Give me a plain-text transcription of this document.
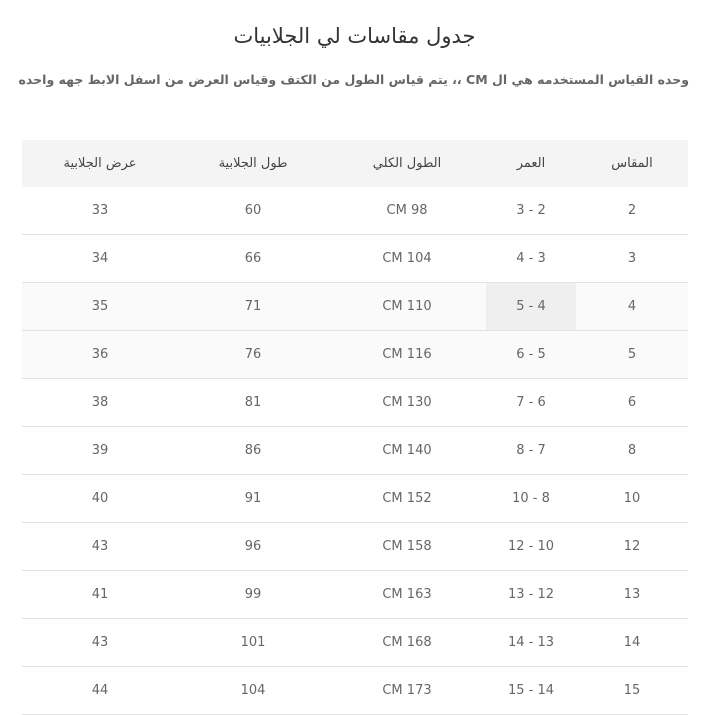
جدول مقاسات لي الجلابيات

وحده القياس المستخدمه هي ال CM ،، يتم قياس الطول من الكتف وقياس العرض من اسفل الابط جهه واحده

المقاس	العمر	الطول الكلي	طول الجلابية	عرض الجلابية
2	2 - 3	98 CM	60	33
3	3 - 4	104 CM	66	34
4	4 - 5	110 CM	71	35
5	5 - 6	116 CM	76	36
6	6 - 7	130 CM	81	38
8	7 - 8	140 CM	86	39
10	8 - 10	152 CM	91	40
12	10 - 12	158 CM	96	43
13	12 - 13	163 CM	99	41
14	13 - 14	168 CM	101	43
15	14 - 15	173 CM	104	44
